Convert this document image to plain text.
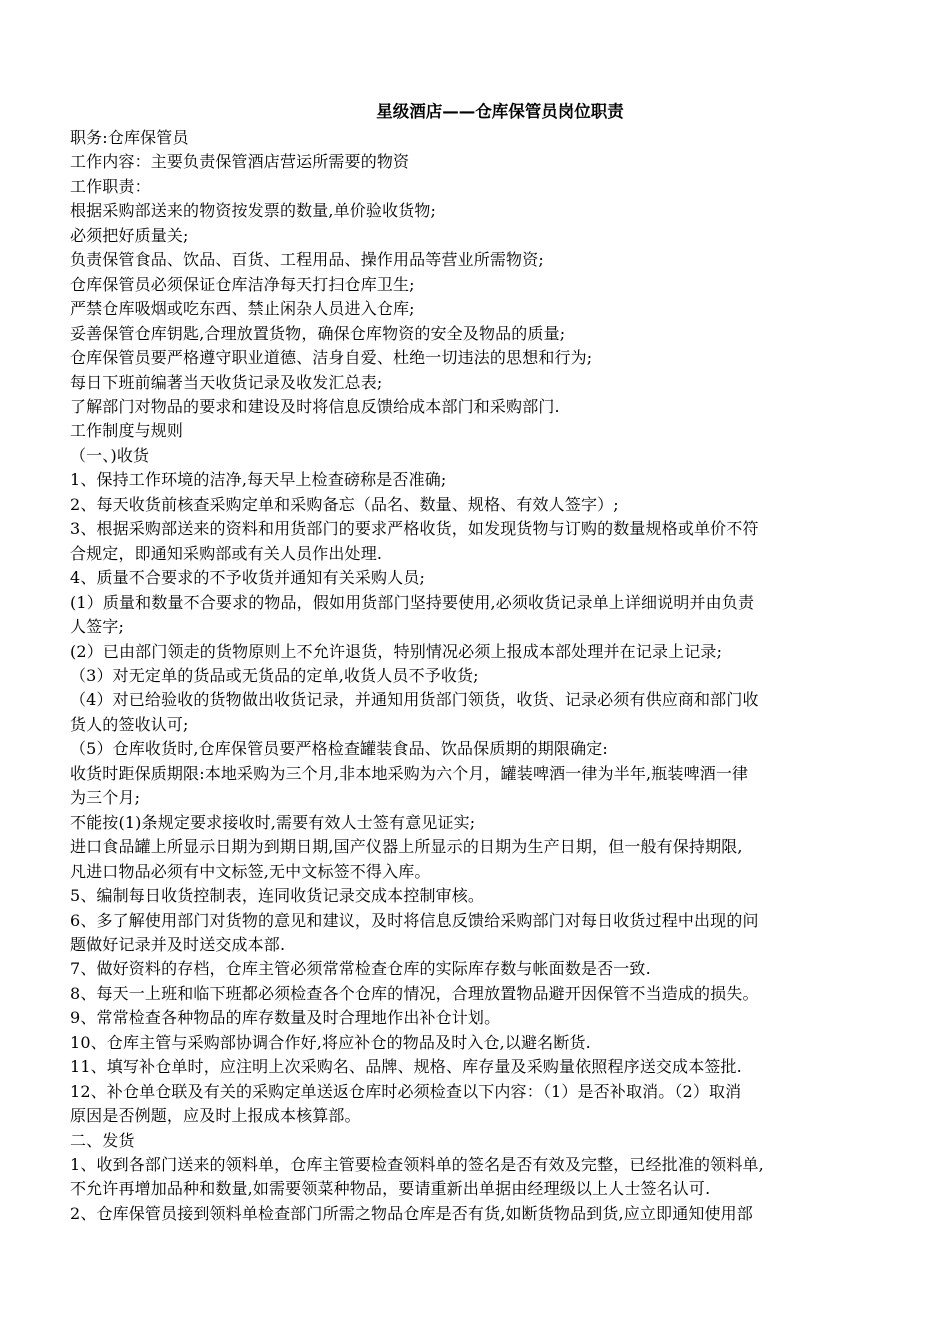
星级酒店——仓库保管员岗位职责

职务:仓库保管员

工作内容：主要负责保管酒店营运所需要的物资

工作职责：

根据采购部送来的物资按发票的数量,单价验收货物;

必须把好质量关;

负责保管食品、饮品、百货、工程用品、操作用品等营业所需物资;

仓库保管员必须保证仓库洁净每天打扫仓库卫生;

严禁仓库吸烟或吃东西、禁止闲杂人员进入仓库;

妥善保管仓库钥匙,合理放置货物，确保仓库物资的安全及物品的质量;

仓库保管员要严格遵守职业道德、洁身自爱、杜绝一切违法的思想和行为;

每日下班前编著当天收货记录及收发汇总表;

了解部门对物品的要求和建设及时将信息反馈给成本部门和采购部门.

工作制度与规则

（一、)收货

1、保持工作环境的洁净,每天早上检查磅称是否准确;

2、每天收货前核查采购定单和采购备忘（品名、数量、规格、有效人签字）;

3、根据采购部送来的资料和用货部门的要求严格收货，如发现货物与订购的数量规格或单价不符

合规定，即通知采购部或有关人员作出处理.

4、质量不合要求的不予收货并通知有关采购人员;

(1）质量和数量不合要求的物品，假如用货部门坚持要使用,必须收货记录单上详细说明并由负责

人签字;

(2）已由部门领走的货物原则上不允许退货，特别情况必须上报成本部处理并在记录上记录;

（3）对无定单的货品或无货品的定单,收货人员不予收货;

（4）对已给验收的货物做出收货记录，并通知用货部门领货，收货、记录必须有供应商和部门收

货人的签收认可;

（5）仓库收货时,仓库保管员要严格检查罐装食品、饮品保质期的期限确定:

收货时距保质期限:本地采购为三个月,非本地采购为六个月，罐装啤酒一律为半年,瓶装啤酒一律

为三个月;

不能按(1)条规定要求接收时,需要有效人士签有意见证实;

进口食品罐上所显示日期为到期日期,国产仪器上所显示的日期为生产日期，但一般有保持期限,

凡进口物品必须有中文标签,无中文标签不得入库。

5、编制每日收货控制表，连同收货记录交成本控制审核。

6、多了解使用部门对货物的意见和建议，及时将信息反馈给采购部门对每日收货过程中出现的问

题做好记录并及时送交成本部.

7、做好资料的存档，仓库主管必须常常检查仓库的实际库存数与帐面数是否一致.

8、每天一上班和临下班都必须检查各个仓库的情况，合理放置物品避开因保管不当造成的损失。

9、常常检查各种物品的库存数量及时合理地作出补仓计划。

10、仓库主管与采购部协调合作好,将应补仓的物品及时入仓,以避名断货.

11、填写补仓单时，应注明上次采购名、品牌、规格、库存量及采购量依照程序送交成本签批.

12、补仓单仓联及有关的采购定单送返仓库时必须检查以下内容：（1）是否补取消。（2）取消

原因是否例题，应及时上报成本核算部。

二、发货

1、收到各部门送来的领料单，仓库主管要检查领料单的签名是否有效及完整，已经批准的领料单,

不允许再增加品种和数量,如需要领菜种物品，要请重新出单据由经理级以上人士签名认可.

2、仓库保管员接到领料单检查部门所需之物品仓库是否有货,如断货物品到货,应立即通知使用部
